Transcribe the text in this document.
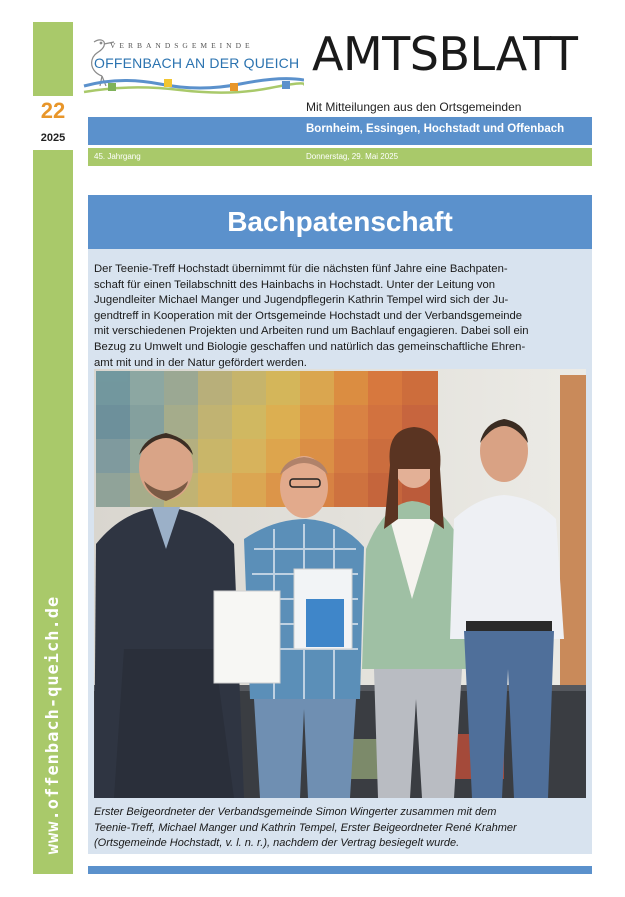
22
2025
www.offenbach-queich.de
VERBANDSGEMEINDE
OFFENBACH AN DER QUEICH AMTSBLATT
Mit Mitteilungen aus den Ortsgemeinden
Bornheim, Essingen, Hochstadt und Offenbach
45. Jahrgang	Donnerstag, 29. Mai 2025
Bachpatenschaft
Der Teenie-Treff Hochstadt übernimmt für die nächsten fünf Jahre eine Bachpaten-
schaft für einen Teilabschnitt des Hainbachs in Hochstadt. Unter der Leitung von
Jugendleiter Michael Manger und Jugendpflegerin Kathrin Tempel wird sich der Ju-
gendtreff in Kooperation mit der Ortsgemeinde Hochstadt und der Verbandsgemeinde
mit verschiedenen Projekten und Arbeiten rund um Bachlauf engagieren. Dabei soll ein
Bezug zu Umwelt und Biologie geschaffen und natürlich das gemeinschaftliche Ehren-
amt mit und in der Natur gefördert werden.
Erster Beigeordneter der Verbandsgemeinde Simon Wingerter zusammen mit dem
Teenie-Treff, Michael Manger und Kathrin Tempel, Erster Beigeordneter René Krahmer
(Ortsgemeinde Hochstadt, v. l. n. r.), nachdem der Vertrag besiegelt wurde.
